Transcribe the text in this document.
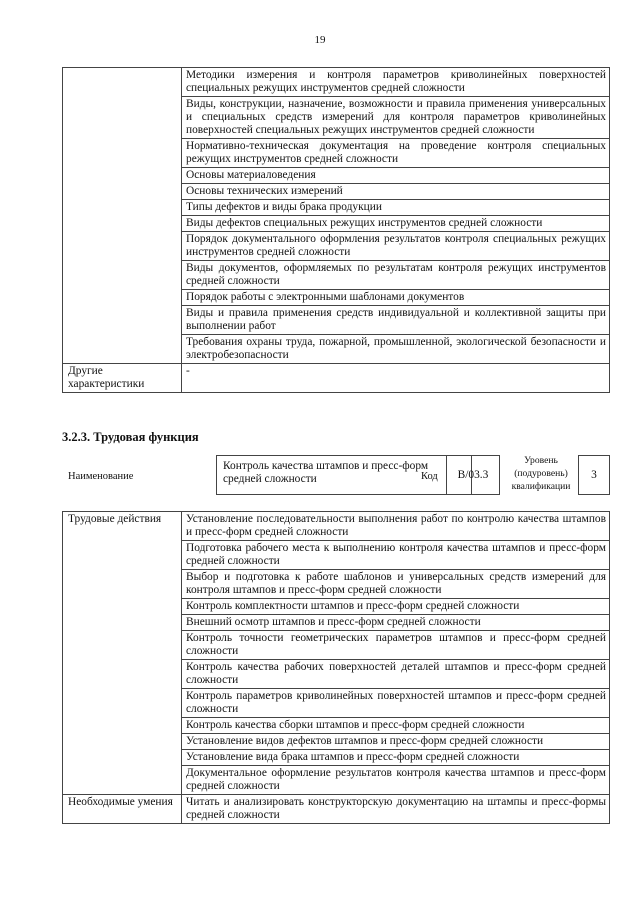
19
	Методики измерения и контроля параметров криволинейных поверхностей специальных режущих инструментов средней сложности
	Виды, конструкции, назначение, возможности и правила применения универсальных и специальных средств измерений для контроля параметров криволинейных поверхностей специальных режущих инструментов средней сложности
	Нормативно-техническая документация на проведение контроля специальных режущих инструментов средней сложности
	Основы материаловедения
	Основы технических измерений
	Типы дефектов и виды брака продукции
	Виды дефектов специальных режущих инструментов средней сложности
	Порядок документального оформления результатов контроля специальных режущих инструментов средней сложности
	Виды документов, оформляемых по результатам контроля режущих инструментов средней сложности
	Порядок работы с электронными шаблонами документов
	Виды и правила применения средств индивидуальной и коллективной защиты при выполнении работ
	Требования охраны труда, пожарной, промышленной, экологической безопасности и электробезопасности
Другие характеристики	-
3.2.3. Трудовая функция
Наименование
Контроль качества штампов и пресс-форм средней сложности	Код	B/03.3
Уровень (подуровень) квалификации
3
Трудовые действия	Установление последовательности выполнения работ по контролю качества штампов и пресс-форм средней сложности
	Подготовка рабочего места к выполнению контроля качества штампов и пресс-форм средней сложности
	Выбор и подготовка к работе шаблонов и универсальных средств измерений для контроля штампов и пресс-форм средней сложности
	Контроль комплектности штампов и пресс-форм средней сложности
	Внешний осмотр штампов и пресс-форм средней сложности
	Контроль точности геометрических параметров штампов и пресс-форм средней сложности
	Контроль качества рабочих поверхностей деталей штампов и пресс-форм средней сложности
	Контроль параметров криволинейных поверхностей штампов и пресс-форм средней сложности
	Контроль качества сборки штампов и пресс-форм средней сложности
	Установление видов дефектов штампов и пресс-форм средней сложности
	Установление вида брака штампов и пресс-форм средней сложности
	Документальное оформление результатов контроля качества штампов и пресс-форм средней сложности
Необходимые умения	Читать и анализировать конструкторскую документацию на штампы и пресс-формы средней сложности
